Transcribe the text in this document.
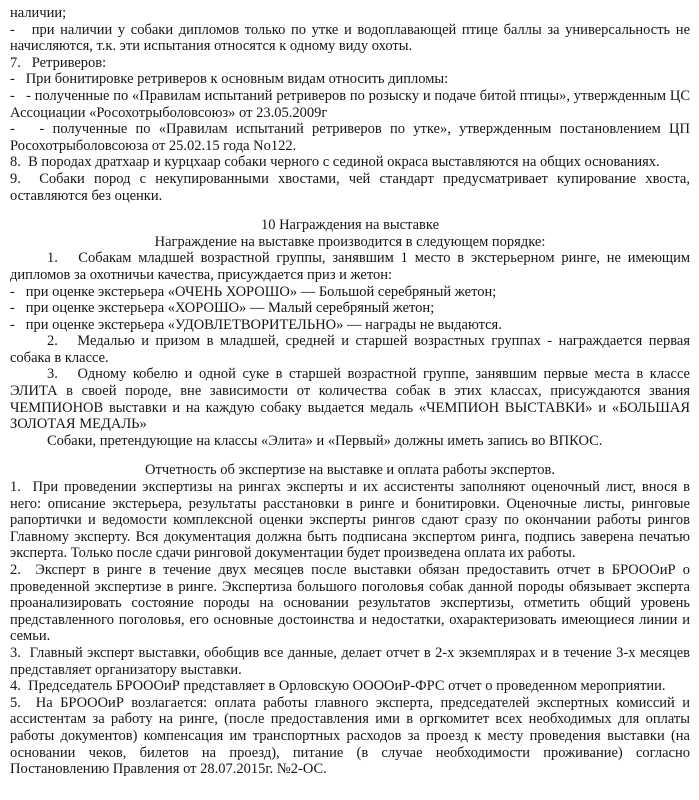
наличии;

-   при наличии у собаки дипломов только по утке и водоплавающей птице баллы за универсальность не начисляются, т.к. эти испытания относятся к одному виду охоты.

7.   Ретриверов:

-   При бонитировке ретриверов к основным видам относить дипломы:

-   - полученные по «Правилам испытаний ретриверов по розыску и подаче битой птицы», утвержденным ЦС Ассоциации «Росохотрыболовсоюз» от 23.05.2009г

-   - полученные по «Правилам испытаний ретриверов по утке», утвержденным постановлением ЦП Росохотрыболовсоюза от 25.02.15 года No122.

8.  В породах дратхаар и курцхаар собаки черного с сединой окраса выставляются на общих основаниях.

9.  Собаки пород с некупированными хвостами, чей стандарт предусматривает купирование хвоста, оставляются без оценки.

10 Награждения на выставке

Награждение на выставке производится в следующем порядке:

1.   Собакам младшей возрастной группы, занявшим 1 место в экстерьерном ринге, не имеющим дипломов за охотничьи качества, присуждается приз и жетон:

-   при оценке экстерьера «ОЧЕНЬ ХОРОШО» — Большой серебряный жетон;

-   при оценке экстерьера «ХОРОШО» — Малый серебряный жетон;

-   при оценке экстерьера «УДОВЛЕТВОРИТЕЛЬНО» — награды не выдаются.

2.   Медалью и призом в младшей, средней и старшей возрастных группах - награждается первая собака в классе.

3.   Одному кобелю и одной суке в старшей возрастной группе, занявшим первые места в классе ЭЛИТА в своей породе, вне зависимости от количества собак в этих классах, присуждаются звания ЧЕМПИОНОВ выставки и на каждую собаку выдается медаль «ЧЕМПИОН ВЫСТАВКИ» и «БОЛЬШАЯ ЗОЛОТАЯ МЕДАЛЬ»

Собаки, претендующие на классы «Элита» и «Первый» должны иметь запись во ВПКОС.

Отчетность об экспертизе на выставке и оплата работы экспертов.

1.  При проведении экспертизы на рингах эксперты и их ассистенты заполняют оценочный лист, внося в него: описание экстерьера, результаты расстановки в ринге и бонитировки. Оценочные листы, ринговые рапортички и ведомости комплексной оценки эксперты рингов сдают сразу по окончании работы рингов Главному эксперту. Вся документация должна быть подписана экспертом ринга, подпись заверена печатью эксперта. Только после сдачи ринговой документации будет произведена оплата их работы.

2.  Эксперт в ринге в течение двух месяцев после выставки обязан предоставить отчет в БРОООиР о проведенной экспертизе в ринге. Экспертиза большого поголовья собак данной породы обязывает эксперта проанализировать состояние породы на основании результатов экспертизы, отметить общий уровень представленного поголовья, его основные достоинства и недостатки, охарактеризовать имеющиеся линии и семьи.

3.  Главный эксперт выставки, обобщив все данные, делает отчет в 2-х экземплярах и в течение 3-х месяцев представляет организатору выставки.

4.  Председатель БРОООиР представляет в Орловскую ООООиР-ФРС отчет о проведенном мероприятии.

5.  На БРОООиР возлагается: оплата работы главного эксперта, председателей экспертных комиссий и ассистентам за работу на ринге, (после предоставления ими в оргкомитет всех необходимых для оплаты работы документов) компенсация им транспортных расходов за проезд к месту проведения выставки (на основании чеков, билетов на проезд), питание (в случае необходимости проживание) согласно Постановлению Правления от 28.07.2015г. №2-ОС.
